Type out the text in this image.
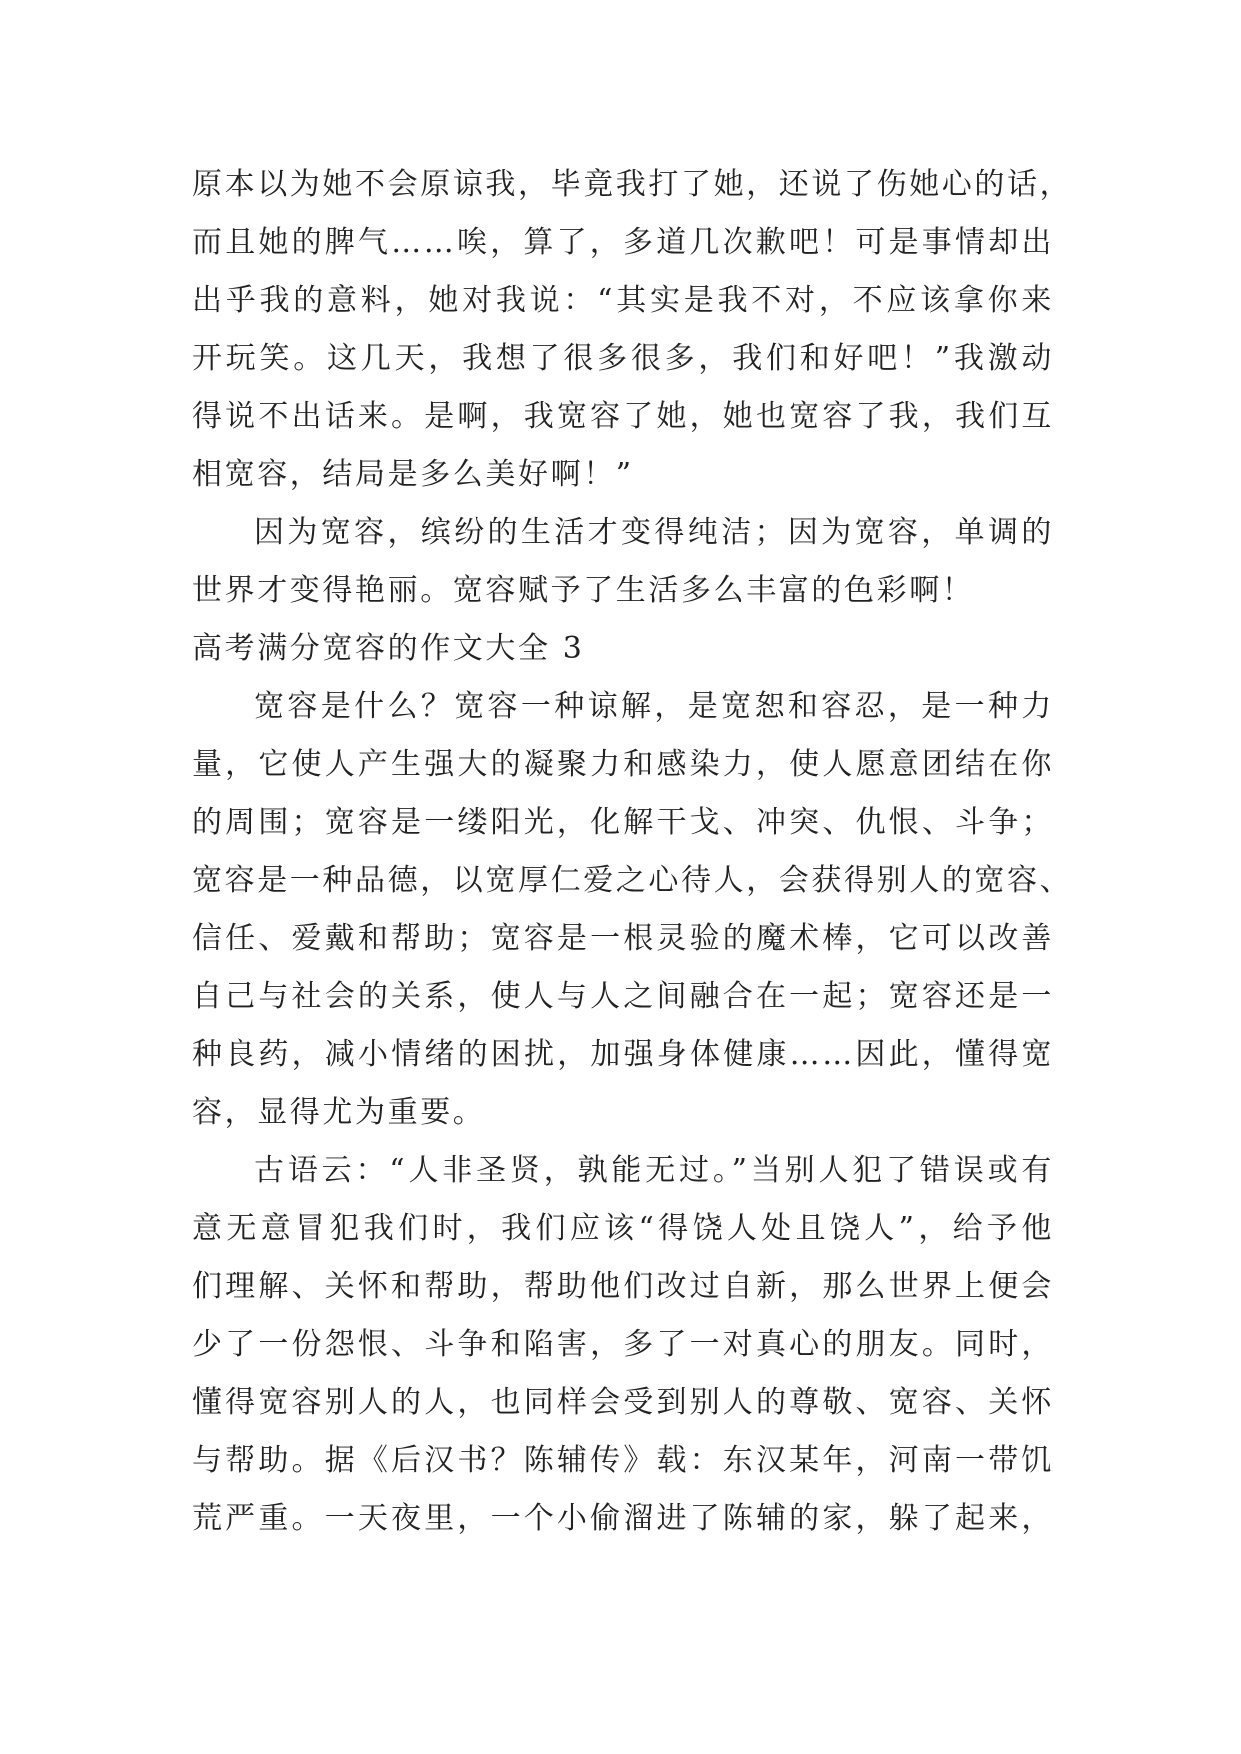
原本以为她不会原谅我，毕竟我打了她，还说了伤她心的话，
而且她的脾气……唉，算了，多道几次歉吧！可是事情却出
出乎我的意料，她对我说：“其实是我不对，不应该拿你来
开玩笑。这几天，我想了很多很多，我们和好吧！”我激动
得说不出话来。是啊，我宽容了她，她也宽容了我，我们互
相宽容，结局是多么美好啊！”
因为宽容，缤纷的生活才变得纯洁；因为宽容，单调的
世界才变得艳丽。宽容赋予了生活多么丰富的色彩啊！
高考满分宽容的作文大全 3
宽容是什么？宽容一种谅解，是宽恕和容忍，是一种力
量，它使人产生强大的凝聚力和感染力，使人愿意团结在你
的周围；宽容是一缕阳光，化解干戈、冲突、仇恨、斗争；
宽容是一种品德，以宽厚仁爱之心待人，会获得别人的宽容、
信任、爱戴和帮助；宽容是一根灵验的魔术棒，它可以改善
自己与社会的关系，使人与人之间融合在一起；宽容还是一
种良药，减小情绪的困扰，加强身体健康……因此，懂得宽
容，显得尤为重要。
古语云：“人非圣贤，孰能无过。”当别人犯了错误或有
意无意冒犯我们时，我们应该“得饶人处且饶人”，给予他
们理解、关怀和帮助，帮助他们改过自新，那么世界上便会
少了一份怨恨、斗争和陷害，多了一对真心的朋友。同时，
懂得宽容别人的人，也同样会受到别人的尊敬、宽容、关怀
与帮助。据《后汉书？陈辅传》载：东汉某年，河南一带饥
荒严重。一天夜里，一个小偷溜进了陈辅的家，躲了起来，
